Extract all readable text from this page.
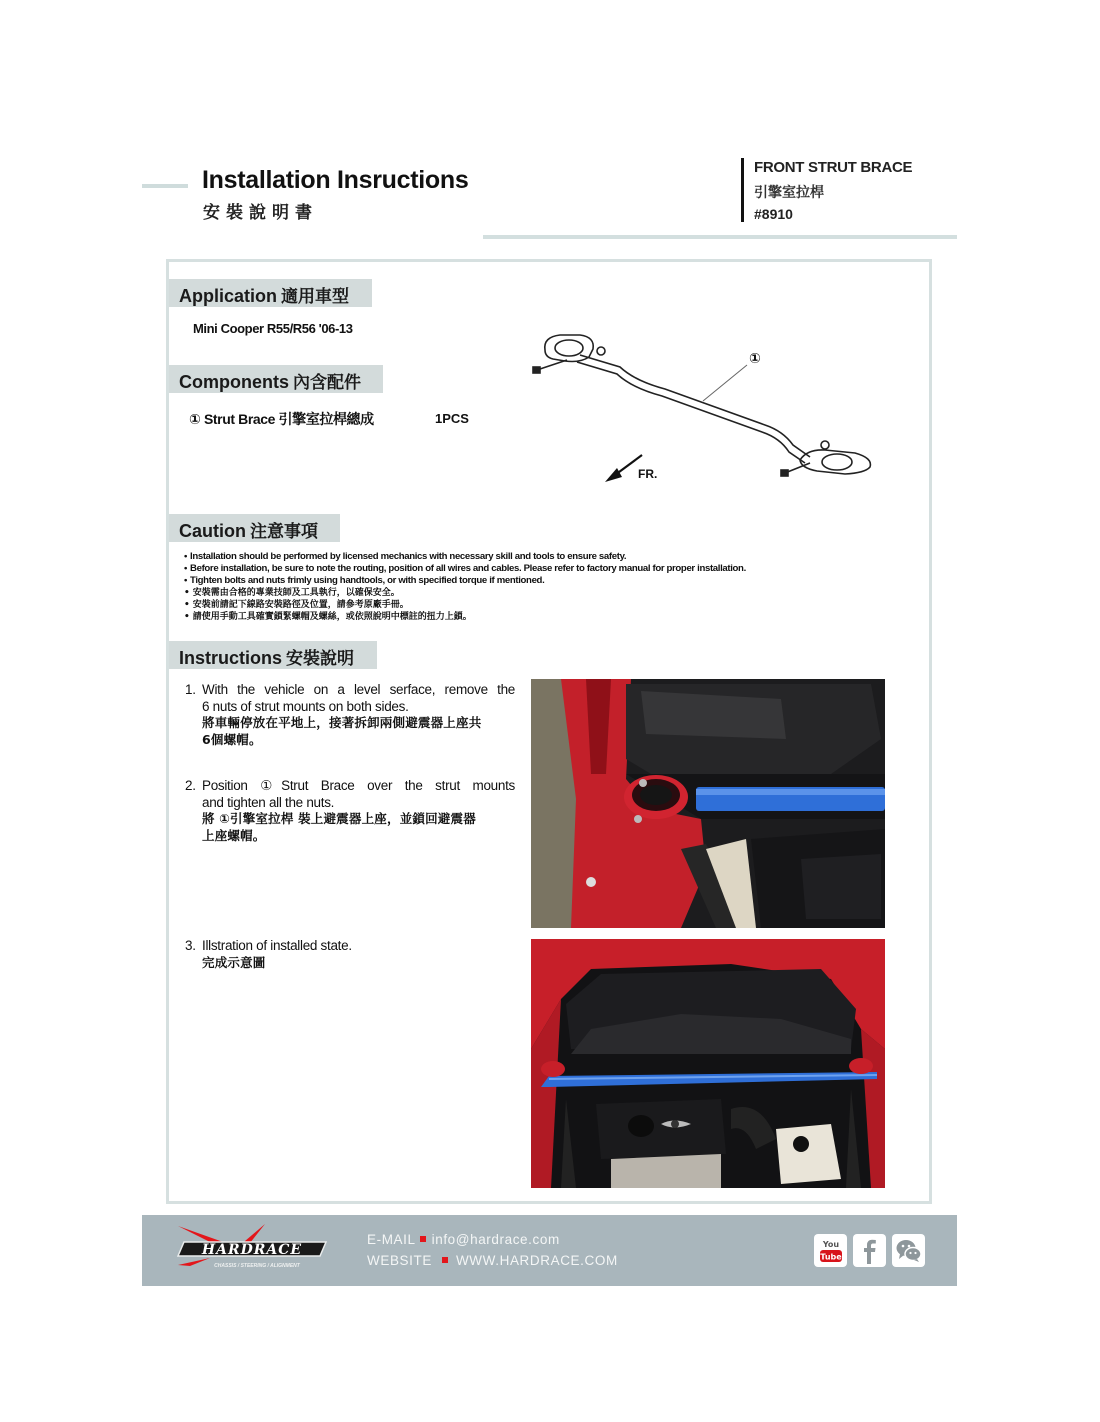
Installation Insructions
安裝說明書
FRONT STRUT BRACE
引擎室拉桿
#8910
Application 適用車型
Mini Cooper R55/R56 '06-13
Components 內含配件
① Strut Brace 引擎室拉桿總成	1PCS
①
FR.
Caution 注意事項
• Installation should be performed by licensed mechanics with necessary skill and tools to ensure safety.
• Before installation, be sure to note the routing, position of all wires and cables. Please refer to factory manual for proper installation.
• Tighten bolts and nuts frimly using handtools, or with specified torque if mentioned.
• 安裝需由合格的專業技師及工具執行，以確保安全。
• 安裝前請記下線路安裝路徑及位置，請參考原廠手冊。
• 請使用手動工具確實鎖緊螺帽及螺絲，或依照說明中標註的扭力上鎖。
Instructions 安裝說明
1. With the vehicle on a level serface, remove the
6 nuts of strut mounts on both sides.
將車輛停放在平地上，接著拆卸兩側避震器上座共
6個螺帽。
2. Position ①Strut Brace over the strut mounts
and tighten all the nuts.
將 ①引擎室拉桿 裝上避震器上座，並鎖回避震器
上座螺帽。
3. Illstration of installed state.
完成示意圖
HARDRACE
CHASSIS / STEERING / ALIGNMENT
E-MAIL info@hardrace.com
WEBSITE WWW.HARDRACE.COM
You
Tube
